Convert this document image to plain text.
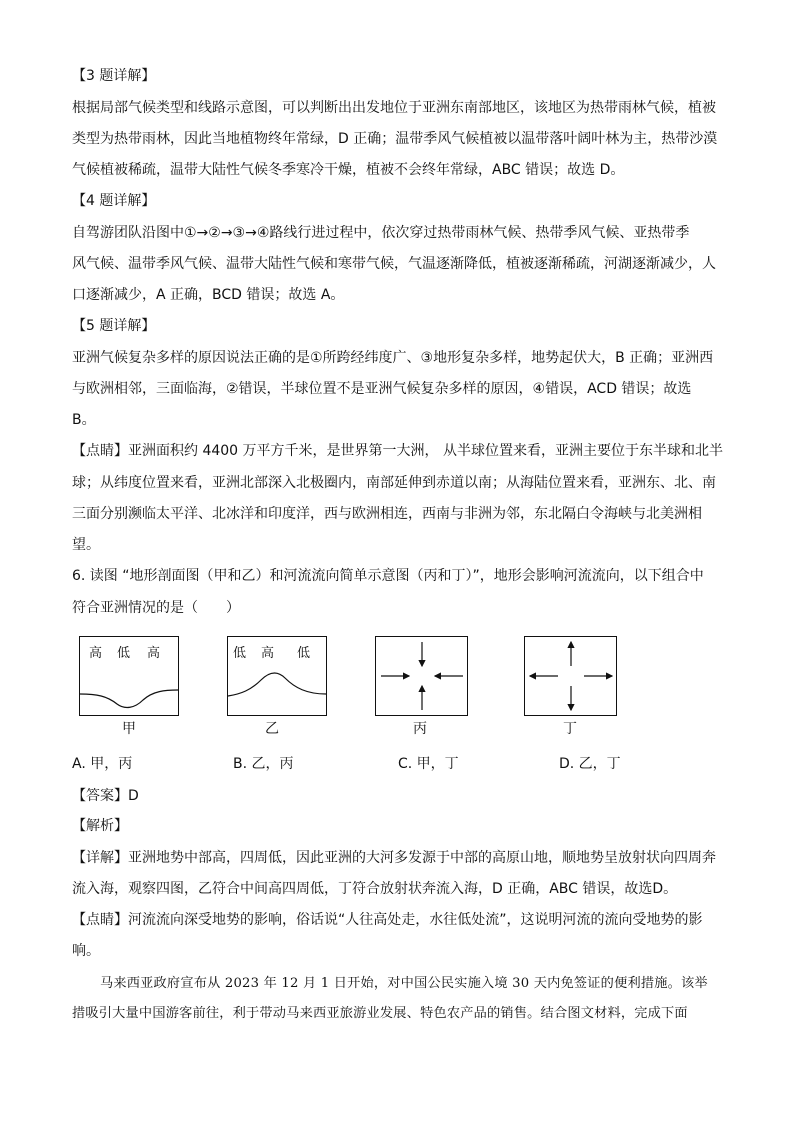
【3 题详解】
根据局部气候类型和线路示意图，可以判断出出发地位于亚洲东南部地区，该地区为热带雨林气候，植被
类型为热带雨林，因此当地植物终年常绿，D 正确；温带季风气候植被以温带落叶阔叶林为主，热带沙漠
气候植被稀疏，温带大陆性气候冬季寒冷干燥，植被不会终年常绿，ABC 错误；故选 D。
【4 题详解】
自驾游团队沿图中①→②→③→④路线行进过程中，依次穿过热带雨林气候、热带季风气候、亚热带季
风气候、温带季风气候、温带大陆性气候和寒带气候，气温逐渐降低，植被逐渐稀疏，河湖逐渐减少，人
口逐渐减少，A 正确，BCD 错误；故选 A。
【5 题详解】
亚洲气候复杂多样的原因说法正确的是①所跨经纬度广、③地形复杂多样，地势起伏大，B 正确；亚洲西
与欧洲相邻，三面临海，②错误，半球位置不是亚洲气候复杂多样的原因，④错误，ACD 错误；故选
B。
【点睛】亚洲面积约 4400 万平方千米，是世界第一大洲， 从半球位置来看，亚洲主要位于东半球和北半
球；从纬度位置来看，亚洲北部深入北极圈内，南部延伸到赤道以南；从海陆位置来看，亚洲东、北、南
三面分别濒临太平洋、北冰洋和印度洋，西与欧洲相连，西南与非洲为邻，东北隔白令海峡与北美洲相
望。
6. 读图 “地形剖面图（甲和乙）和河流流向简单示意图（丙和丁）”，地形会影响河流流向，以下组合中
符合亚洲情况的是（　　）
高 低 高
甲
低 高 低
乙	丙	丁
A. 甲，丙	B. 乙，丙	C. 甲，丁	D. 乙，丁
【答案】D
【解析】
【详解】亚洲地势中部高，四周低，因此亚洲的大河多发源于中部的高原山地，顺地势呈放射状向四周奔
流入海，观察四图，乙符合中间高四周低，丁符合放射状奔流入海，D 正确，ABC 错误，故选D。
【点睛】河流流向深受地势的影响，俗话说“人往高处走，水往低处流”，这说明河流的流向受地势的影
响。
马来西亚政府宣布从 2023 年 12 月 1 日开始，对中国公民实施入境 30 天内免签证的便利措施。该举
措吸引大量中国游客前往，利于带动马来西亚旅游业发展、特色农产品的销售。结合图文材料，完成下面
